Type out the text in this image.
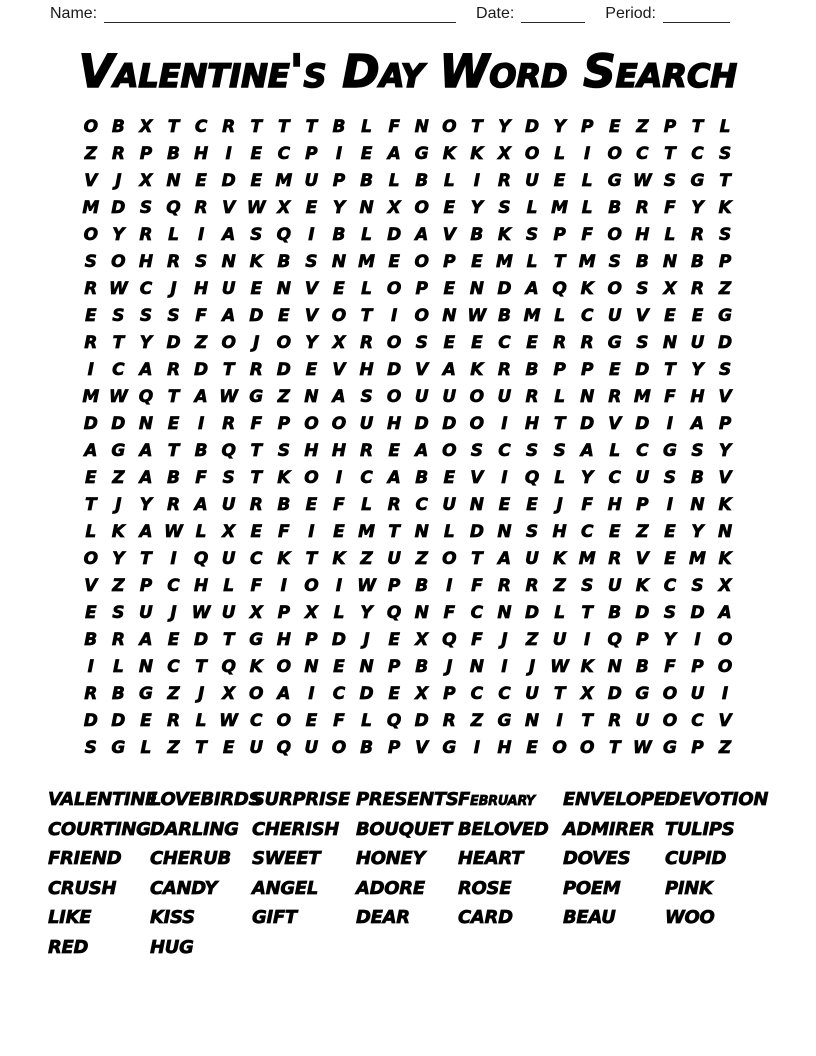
Name:	Date:	Period:
Valentine's Day Word Search
O B X T C R T T T B L F N O T Y D Y P E Z P T L
Z R P B H	I	E C P	I	E A G K K X O L	I	O C T C S
V	J	X N E D E M U P B L B L	I	R U E L G W S G T
M D S Q R V W X E Y N X O E Y S L M L B R F Y K
O Y R L	I	A S Q	I	B L D A V B K S P F O H L R S
S O H R S N K B S N M E O P E M L T M S B N B P
R W C	J	H U E N V E L O P E N D A Q K O S X R Z
E S S S F A D E V O T	I	O N W B M L C U V E E G
R T Y D Z O	J	O Y X R O S E E C E R R G S N U D
I	C A R D T R D E V H D V A K R B P P E D T Y S
M W Q T A W G Z N A S O U U O U R L N R M F H V
D D N E	I	R F P O O U H D D O	I	H T D V D	I	A P
A G A T B Q T S H H R E A O S C S S A L C G S Y
E Z A B F S T K O	I	C A B E V	I	Q L Y C U S B V
T	J	Y R A U R B E F L R C U N E E	J	F H P	I	N K
L K A W L X E F	I	E M T N L D N S H C E Z E Y N
O Y T	I	Q U C K T K Z U Z O T A U K M R V E M K
V Z P C H L F	I	O	I W P B	I	F R R Z S U K C S X
E S U	J W U X P X L Y Q N F C N D L T B D S D A
B R A E D T G H P D	J	E X Q F	J	Z U	I	Q P Y	I	O
I	L N C T Q K O N E N P B	J	N	I	J W K N B F P O
R B G Z	J	X O A	I	C D E X P C C U T X D G O U	I
D D E R L W C O E F L Q D R Z G N	I	T R U O C V
S G L Z T E U Q U O B P V G	I	H E O O T W G P Z
VALENTINE
COURTING
FRIEND
CRUSH
LIKE
RED
LOVEBIRDS
DARLING
CHERUB
CANDY
KISS
HUG
SURPRISE
CHERISH
SWEET
ANGEL
GIFT
PRESENTS
BOUQUET
HONEY
ADORE
DEAR
February
BELOVED
HEART
ROSE
CARD
ENVELOPE
ADMIRER
DOVES
POEM
BEAU
DEVOTION
TULIPS
CUPID
PINK
WOO
